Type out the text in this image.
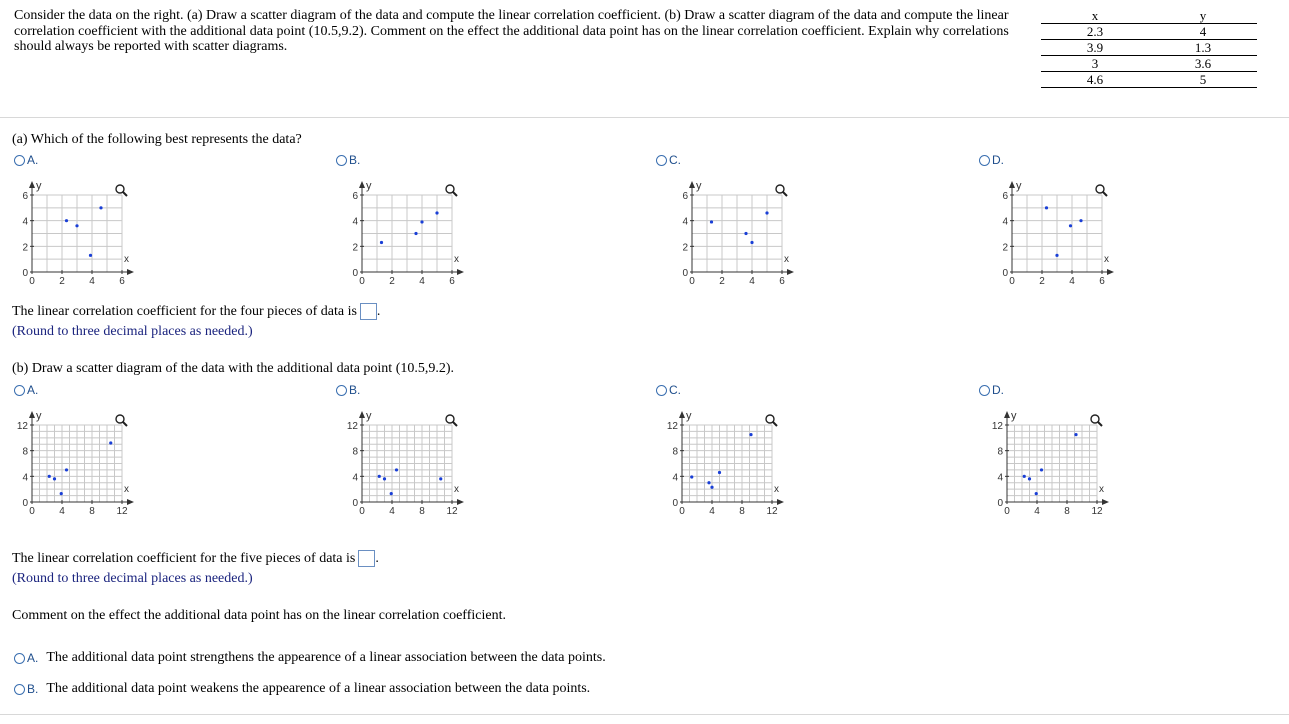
Consider the data on the right. (a) Draw a scatter diagram of the data and compute the linear correlation coefficient. (b) Draw a scatter diagram of the data and compute the linear correlation coefficient with the additional data point (10.5,9.2). Comment on the effect the additional data point has on the linear correlation coefficient. Explain why correlations should always be reported with scatter diagrams.
x	y
2.3	4
3.9	1.3
3	3.6
4.6	5
(a) Which of the following best represents the data?
A.	B.	C.	D.
0 2 4 6
0
2
4
6
x
y
0 2 4 6
0
2
4
6
x
y
0 2 4 6
0
2
4
6
x
y
0 2 4 6
0
2
4
6
x
y
The linear correlation coefficient for the four pieces of data is .
(Round to three decimal places as needed.)
(b) Draw a scatter diagram of the data with the additional data point (10.5,9.2).
A.	B.	C.	D.
0 4 8 12
0
4
8
12
x
y
0 4 8 12
0
4
8
12
x
y
0 4 8 12
0
4
8
12
x
y
0 4 8 12
0
4
8
12
x
y
The linear correlation coefficient for the five pieces of data is .
(Round to three decimal places as needed.)
Comment on the effect the additional data point has on the linear correlation coefficient.
A. The additional data point strengthens the appearence of a linear association between the data points.
B. The additional data point weakens the appearence of a linear association between the data points.
